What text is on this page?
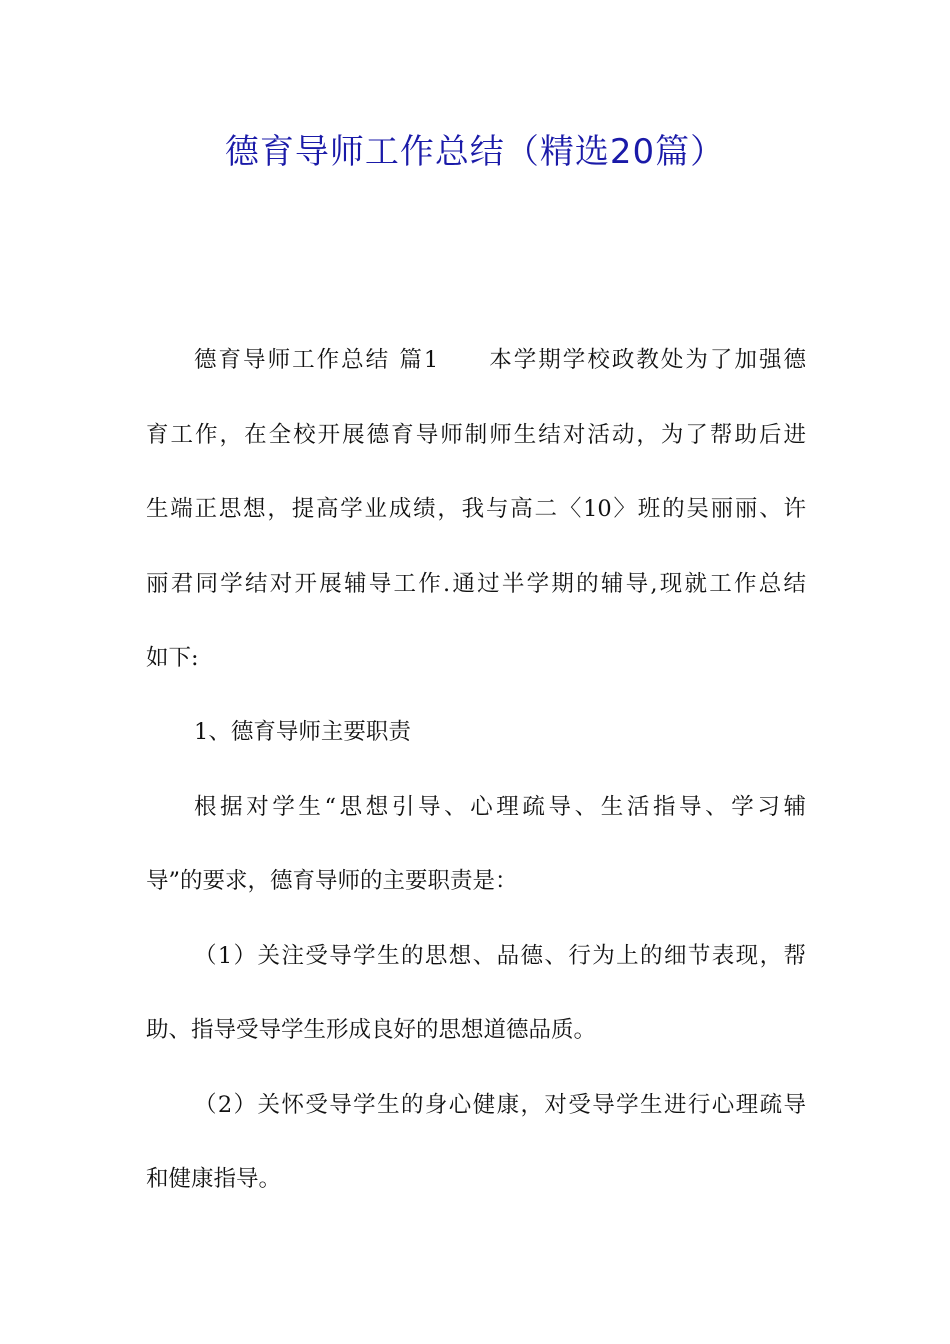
德育导师工作总结（精选20篇）
德育导师工作总结 篇1　　本学期学校政教处为了加强德
育工作，在全校开展德育导师制师生结对活动，为了帮助后进
生端正思想，提高学业成绩，我与高二〈10〉班的吴丽丽、许
丽君同学结对开展辅导工作.通过半学期的辅导,现就工作总结
如下:
1、德育导师主要职责
根据对学生“思想引导、心理疏导、生活指导、学习辅
导”的要求，德育导师的主要职责是：
（1）关注受导学生的思想、品德、行为上的细节表现，帮
助、指导受导学生形成良好的思想道德品质。
（2）关怀受导学生的身心健康，对受导学生进行心理疏导
和健康指导。
